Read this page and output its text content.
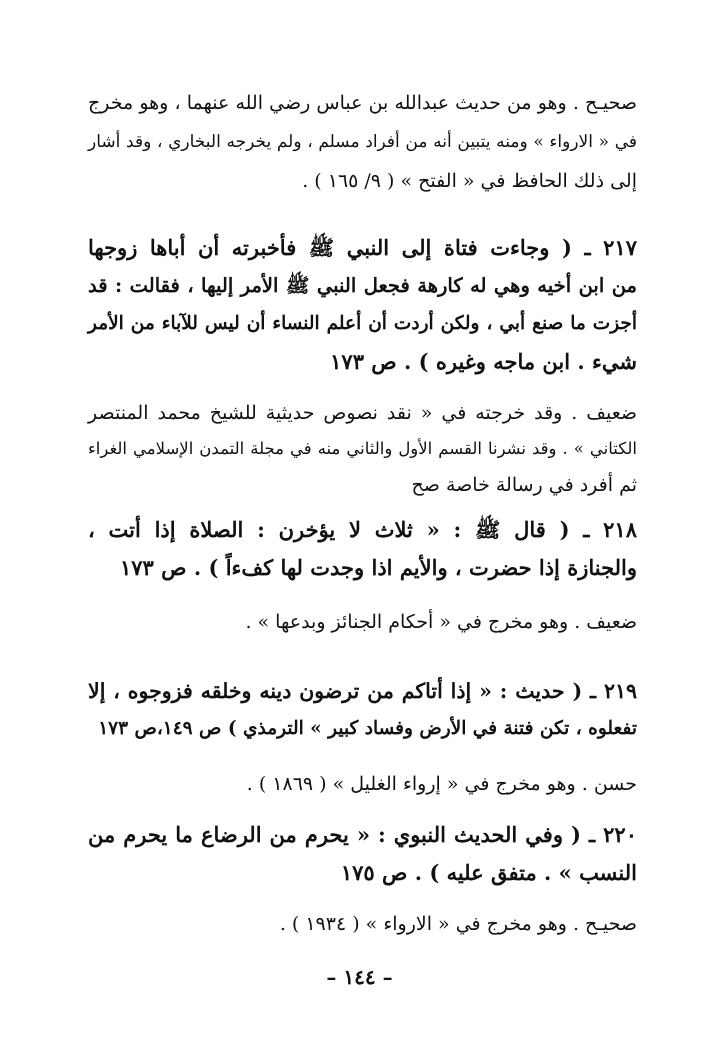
صحيـح . وهو من حديث عبدالله بن عباس رضي الله عنهما ، وهو مخرج
في « الارواء » ومنه يتبين أنه من أفراد مسلم ، ولم يخرجه البخاري ، وقد أشار
إلى ذلك الحافظ في « الفتح » ( ٩/ ١٦٥ ) .
٢١٧ ـ ( وجاءت فتاة إلى النبي ﷺ فأخبرته أن أباها زوجها
من ابن أخيه وهي له كارهة فجعل النبي ﷺ الأمر إليها ، فقالت : قد
أجزت ما صنع أبي ، ولكن أردت أن أعلم النساء أن ليس للآباء من الأمر
شيء . ابن ماجه وغيره ) . ص ١٧٣
ضعيف . وقد خرجته في « نقد نصوص حديثية للشيخ محمد المنتصر
الكتاني » . وقد نشرنا القسم الأول والثاني منه في مجلة التمدن الإسلامي الغراء
ثم أفرد في رسالة خاصة صح
٢١٨ ـ ( قال ﷺ : « ثلاث لا يؤخرن : الصلاة إذا أتت ،
والجنازة إذا حضرت ، والأيم اذا وجدت لها كفءاً ) . ص ١٧٣
ضعيف . وهو مخرج في « أحكام الجنائز وبدعها » .
٢١٩ ـ ( حديث : « إذا أتاكم من ترضون دينه وخلقه فزوجوه ، إلا
تفعلوه ، تكن فتنة في الأرض وفساد كبير » الترمذي ) ص ١٤٩،ص ١٧٣
حسن . وهو مخرج في « إرواء الغليل » ( ١٨٦٩ ) .
٢٢٠ ـ ( وفي الحديث النبوي : « يحرم من الرضاع ما يحرم من
النسب » . متفق عليه ) . ص ١٧٥
صحيـح . وهو مخرج في « الارواء » ( ١٩٣٤ ) .
– ١٤٤ –
